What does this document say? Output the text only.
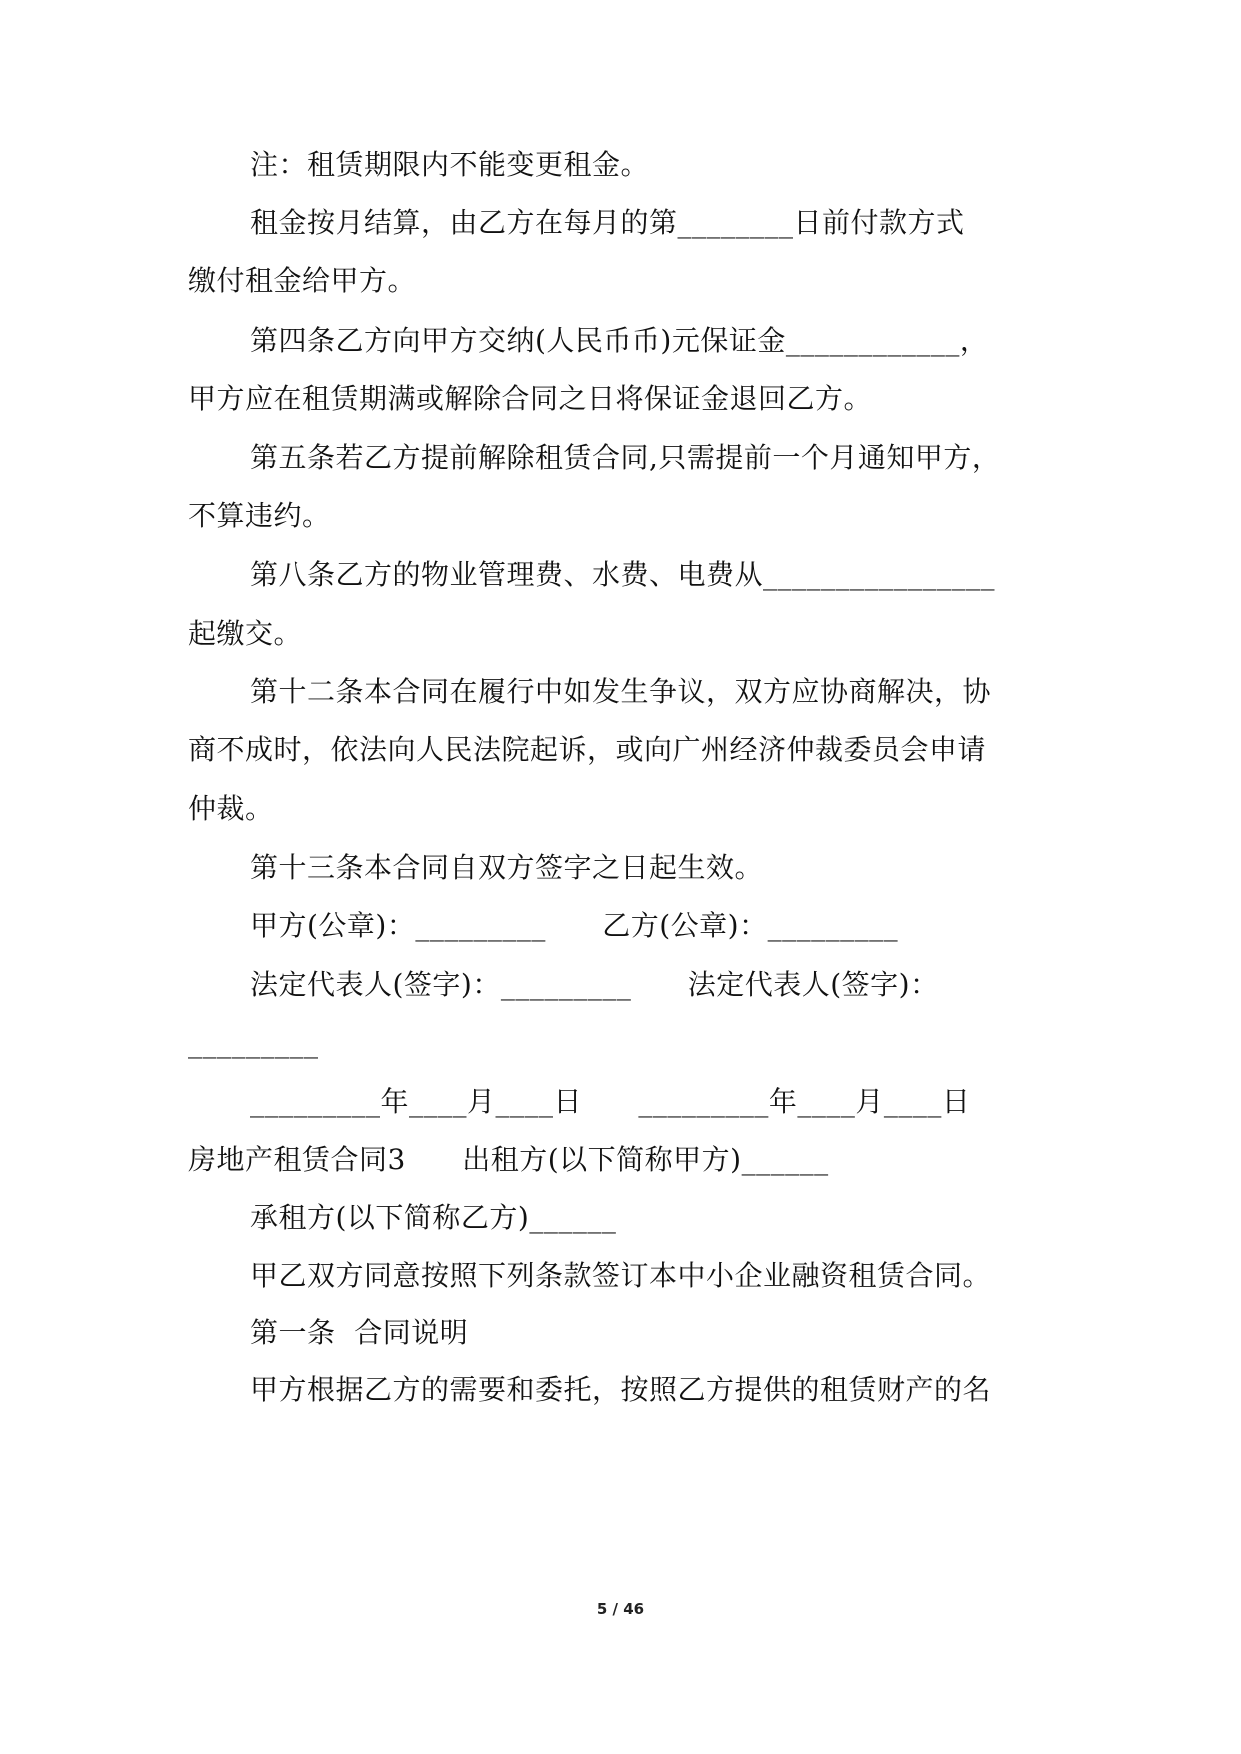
注：租赁期限内不能变更租金。
租金按月结算，由乙方在每月的第________日前付款方式
缴付租金给甲方。
第四条乙方向甲方交纳(人民币币)元保证金____________，
甲方应在租赁期满或解除合同之日将保证金退回乙方。
第五条若乙方提前解除租赁合同,只需提前一个月通知甲方，
不算违约。
第八条乙方的物业管理费、水费、电费从________________
起缴交。
第十二条本合同在履行中如发生争议，双方应协商解决，协
商不成时，依法向人民法院起诉，或向广州经济仲裁委员会申请
仲裁。
第十三条本合同自双方签字之日起生效。
甲方(公章)：_________      乙方(公章)：_________
法定代表人(签字)：_________      法定代表人(签字)：
_________
_________年____月____日      _________年____月____日
房地产租赁合同3      出租方(以下简称甲方)______
承租方(以下简称乙方)______
甲乙双方同意按照下列条款签订本中小企业融资租赁合同。
第一条  合同说明
甲方根据乙方的需要和委托，按照乙方提供的租赁财产的名
5 / 46
